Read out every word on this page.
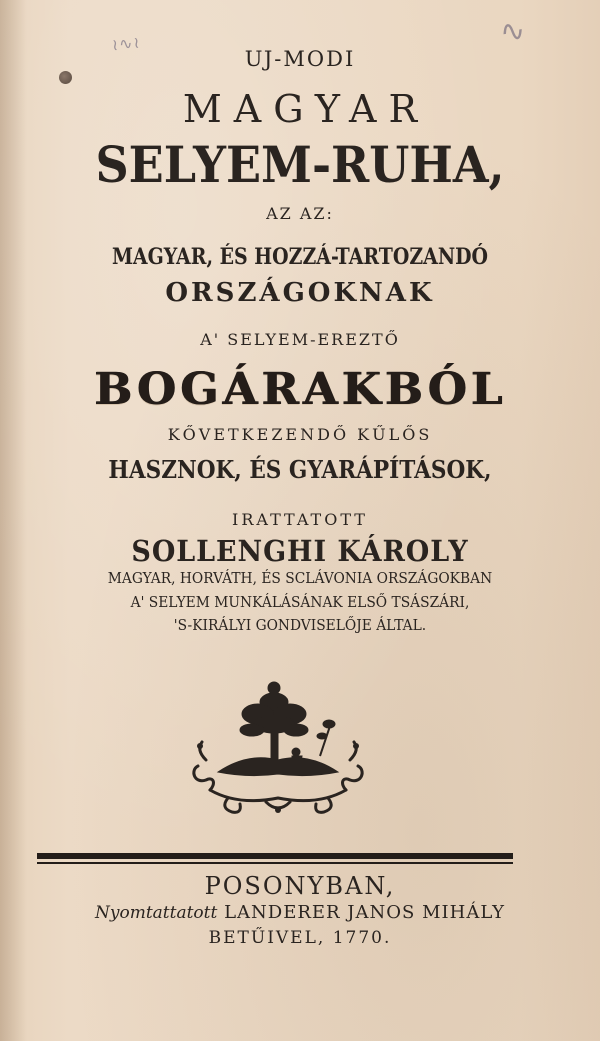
≀∿≀	∿
UJ-MODI
MAGYAR
SELYEM-RUHA,
AZ AZ:
MAGYAR, ÉS HOZZÁ-TARTOZANDÓ
ORSZÁGOKNAK
A' SELYEM-EREZTŐ
BOGÁRAKBÓL
KŐVETKEZENDŐ KŰLŐS
HASZNOK, ÉS GYARÁPÍTÁSOK,
IRATTATOTT
SOLLENGHI KÁROLY
MAGYAR, HORVÁTH, ÉS SCLÁVONIA ORSZÁGOKBAN
A' SELYEM MUNKÁLÁSÁNAK ELSŐ TSÁSZÁRI,
'S-KIRÁLYI GONDVISELŐJE ÁLTAL.
POSONYBAN,
Nyomtattatott LANDERER JANOS MIHÁLY
BETŰIVEL, 1770.
